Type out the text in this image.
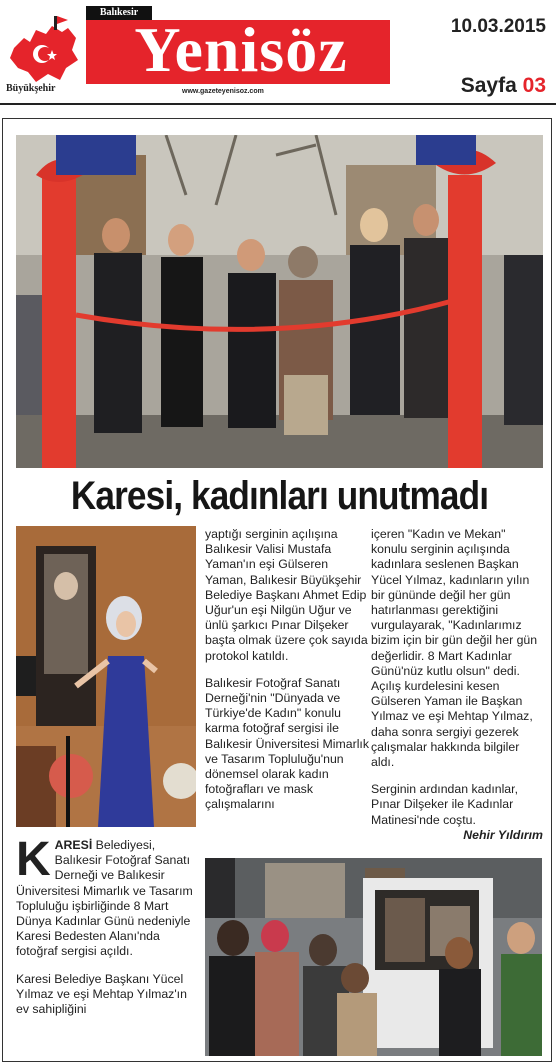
Balıkesir
Yenisöz
Büyükşehir	www.gazeteyenisoz.com
10.03.2015
Sayfa 03
Karesi, kadınları unutmadı

yaptığı serginin açılışına Balıkesir Valisi Mustafa Yaman'ın eşi Gülseren Yaman, Balıkesir Büyükşehir Belediye Başkanı Ahmet Edip Uğur'un eşi Nilgün Uğur ve ünlü şarkıcı Pınar Dilşeker başta olmak üzere çok sayıda protokol katıldı.

Balıkesir Fotoğraf Sanatı Derneği'nin "Dünyada ve Türkiye'de Kadın" konulu karma fotoğraf sergisi ile Balıkesir Üniversitesi Mimarlık ve Tasarım Topluluğu'nun dönemsel olarak kadın fotoğrafları ve mask çalışmalarını

içeren "Kadın ve Mekan" konulu serginin açılışında kadınlara seslenen Başkan Yücel Yılmaz, kadınların yılın bir gününde değil her gün hatırlanması gerektiğini vurgulayarak, "Kadınlarımız bizim için bir gün değil her gün değerlidir. 8 Mart Kadınlar Günü'nüz kutlu olsun" dedi. Açılış kurdelesini kesen Gülseren Yaman ile Başkan Yılmaz ve eşi Mehtap Yılmaz, daha sonra sergiyi gezerek çalışmalar hakkında bilgiler aldı.

Serginin ardından kadınlar, Pınar Dilşeker ile Kadınlar Matinesi'nde coştu.

Nehir Yıldırım

KARESİ Belediyesi, Balıkesir Fotoğraf Sanatı Derneği ve Balıkesir Üniversitesi Mimarlık ve Tasarım Topluluğu işbirliğinde 8 Mart Dünya Kadınlar Günü nedeniyle Karesi Bedesten Alanı'nda fotoğraf sergisi açıldı.

Karesi Belediye Başkanı Yücel Yılmaz ve eşi Mehtap Yılmaz'ın ev sahipliğini
